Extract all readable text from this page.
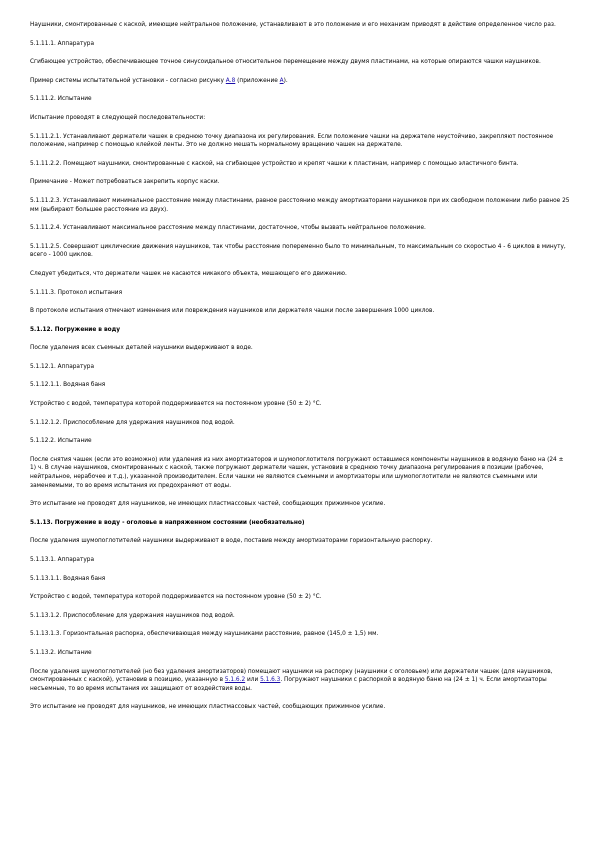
Наушники, смонтированные с каской, имеющие нейтральное положение, устанавливают в это положение и его механизм приводят в действие определенное число раз.

5.1.11.1. Аппаратура

Сгибающее устройство, обеспечивающее точное синусоидальное относительное перемещение между двумя пластинами, на которые опираются чашки наушников.

Пример системы испытательной установки - согласно рисунку А.8 (приложение А).

5.1.11.2. Испытание

Испытание проводят в следующей последовательности:

5.1.11.2.1. Устанавливают держатели чашек в среднюю точку диапазона их регулирования. Если положение чашки на держателе неустойчиво, закрепляют постоянное положение, например с помощью клейкой ленты. Это не должно мешать нормальному вращению чашек на держателе.

5.1.11.2.2. Помещают наушники, смонтированные с каской, на сгибающее устройство и крепят чашки к пластинам, например с помощью эластичного бинта.

Примечание - Может потребоваться закрепить корпус каски.

5.1.11.2.3. Устанавливают минимальное расстояние между пластинами, равное расстоянию между амортизаторами наушников при их свободном положении либо равное 25 мм (выбирают большее расстояние из двух).

5.1.11.2.4. Устанавливают максимальное расстояние между пластинами, достаточное, чтобы вызвать нейтральное положение.

5.1.11.2.5. Совершают циклические движения наушников, так чтобы расстояние попеременно было то минимальным, то максимальным со скоростью 4 - 6 циклов в минуту, всего - 1000 циклов.

Следует убедиться, что держатели чашек не касаются никакого объекта, мешающего его движению.

5.1.11.3. Протокол испытания

В протоколе испытания отмечают изменения или повреждения наушников или держателя чашки после завершения 1000 циклов.

5.1.12. Погружение в воду

После удаления всех съемных деталей наушники выдерживают в воде.

5.1.12.1. Аппаратура

5.1.12.1.1. Водяная баня

Устройство с водой, температура которой поддерживается на постоянном уровне (50 ± 2) °С.

5.1.12.1.2. Приспособление для удержания наушников под водой.

5.1.12.2. Испытание

После снятия чашек (если это возможно) или удаления из них амортизаторов и шумопоглотителя погружают оставшиеся компоненты наушников в водяную баню на (24 ± 1) ч. В случае наушников, смонтированных с каской, также погружают держатели чашек, установив в среднюю точку диапазона регулирования в позиции (рабочее, нейтральное, нерабочее и т.д.), указанной производителем. Если чашки не являются съемными и амортизаторы или шумопоглотители не являются съемными или заменяемыми, то во время испытания их предохраняют от воды.

Это испытание не проводят для наушников, не имеющих пластмассовых частей, сообщающих прижимное усилие.

5.1.13. Погружение в воду - оголовье в напряженном состоянии (необязательно)

После удаления шумопоглотителей наушники выдерживают в воде, поставив между амортизаторами горизонтальную распорку.

5.1.13.1. Аппаратура

5.1.13.1.1. Водяная баня

Устройство с водой, температура которой поддерживается на постоянном уровне (50 ± 2) °С.

5.1.13.1.2. Приспособление для удержания наушников под водой.

5.1.13.1.3. Горизонтальная распорка, обеспечивающая между наушниками расстояние, равное (145,0 ± 1,5) мм.

5.1.13.2. Испытание

После удаления шумопоглотителей (но без удаления амортизаторов) помещают наушники на распорку (наушники с оголовьем) или держатели чашек (для наушников, смонтированных с каской), установив в позицию, указанную в 5.1.6.2 или 5.1.6.3. Погружают наушники с распоркой в водяную баню на (24 ± 1) ч. Если амортизаторы несъемные, то во время испытания их защищают от воздействия воды.

Это испытание не проводят для наушников, не имеющих пластмассовых частей, сообщающих прижимное усилие.
